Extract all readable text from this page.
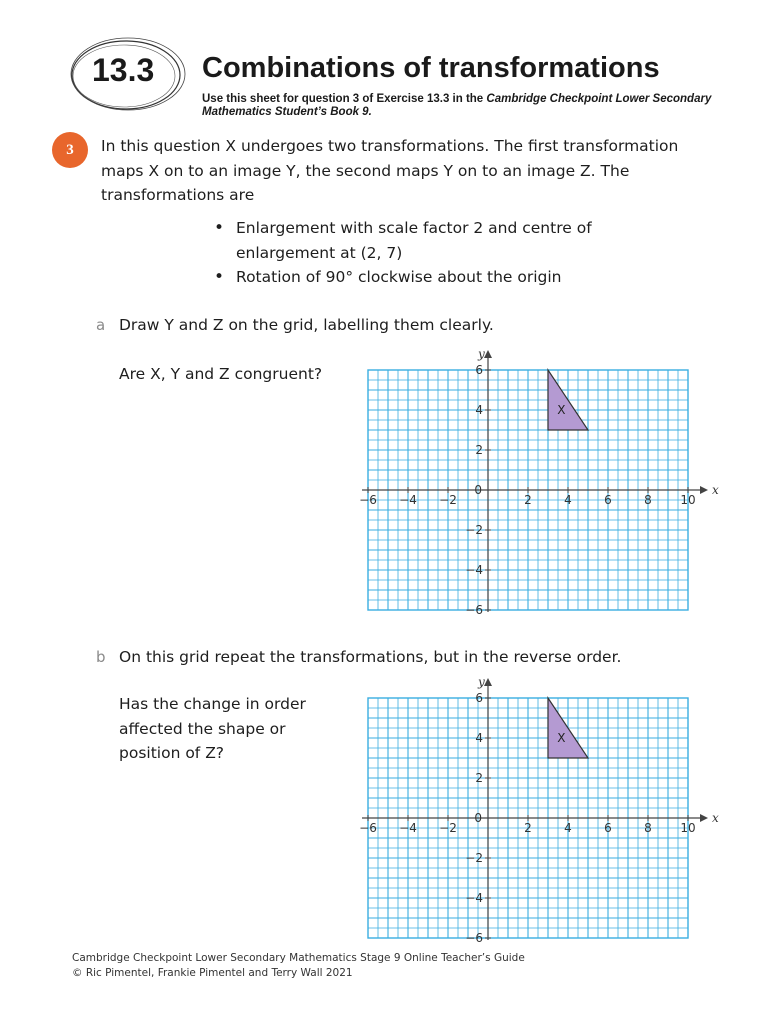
13.3 Combinations of transformations
Use this sheet for question 3 of Exercise 13.3 in the Cambridge Checkpoint Lower Secondary Mathematics Student’s Book 9.
3	In this question X undergoes two transformations. The first transformation maps X on to an image Y, the second maps Y on to an image Z. The transformations are
• Enlargement with scale factor 2 and centre of enlargement at (2, 7)
• Rotation of 90° clockwise about the origin
a Draw Y and Z on the grid, labelling them clearly.
Are X, Y and Z congruent?
x
y
−6 −4 −2	2	4	6	8 10
6
4
2
−2
−4
−6
0
X
b On this grid repeat the transformations, but in the reverse order.
Has the change in order affected the shape or position of Z?
x
y
−6 −4 −2	2	4	6	8 10
6
4
2
−2
−4
−6
0
X
Cambridge Checkpoint Lower Secondary Mathematics Stage 9 Online Teacher’s Guide
© Ric Pimentel, Frankie Pimentel and Terry Wall 2021
